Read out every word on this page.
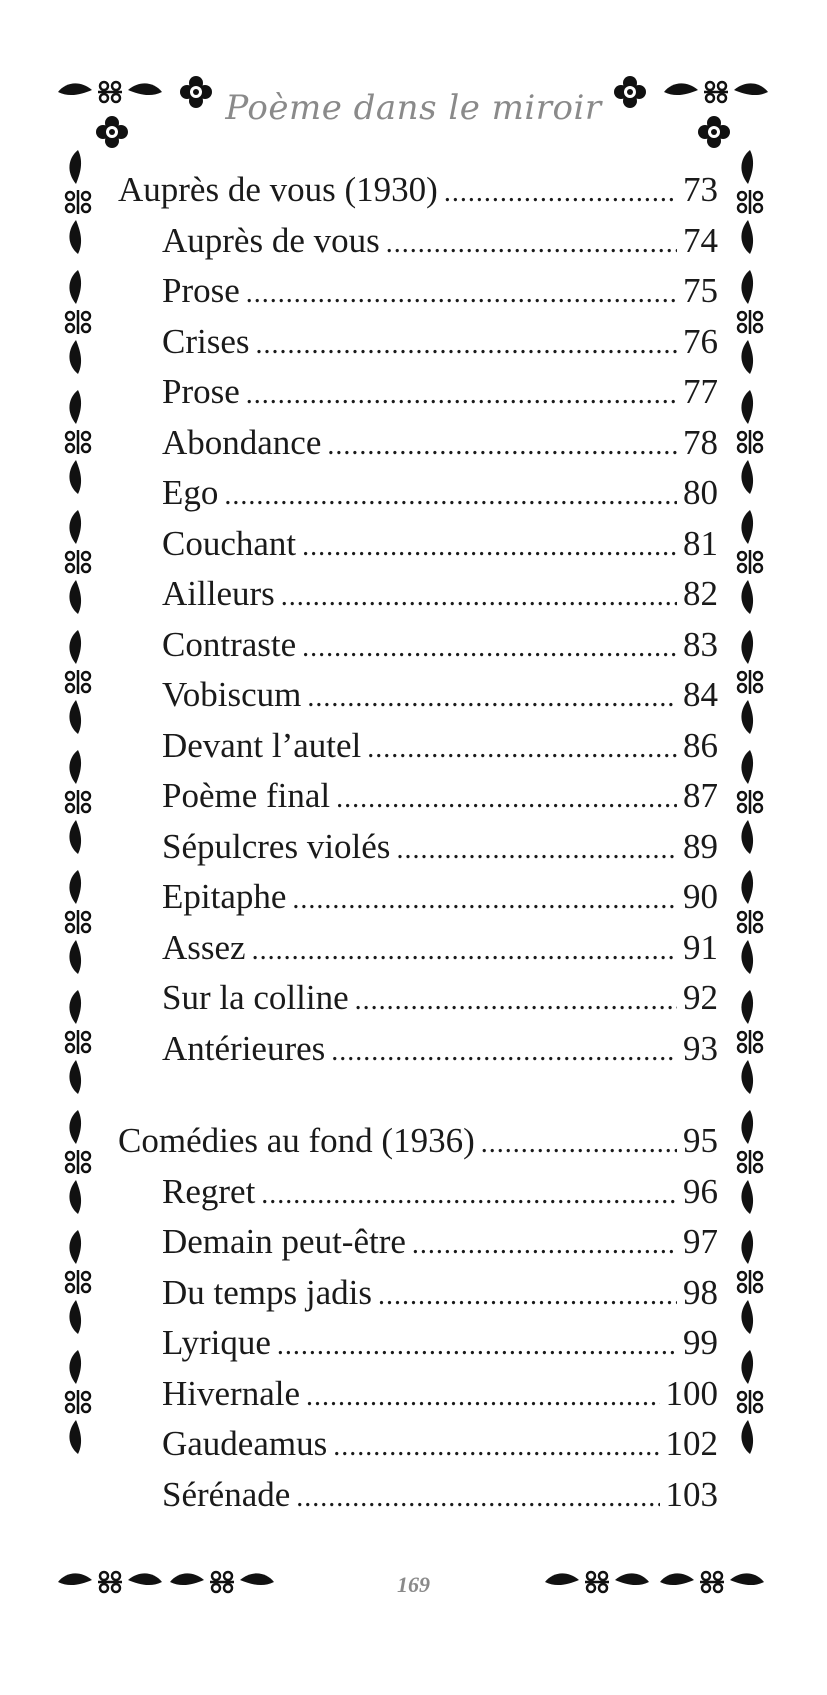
Poème dans le miroir
Auprès de vous (1930) .....	73
Auprès de vous .....	74
Prose .....	75
Crises .....	76
Prose .....	77
Abondance .....	78
Ego .....	80
Couchant .....	81
Ailleurs .....	82
Contraste .....	83
Vobiscum .....	84
Devant l’autel .....	86
Poème final .....	87
Sépulcres violés .....	89
Epitaphe .....	90
Assez .....	91
Sur la colline .....	92
Antérieures .....	93
Comédies au fond (1936) .....	95
Regret .....	96
Demain peut-être .....	97
Du temps jadis .....	98
Lyrique .....	99
Hivernale .....	100
Gaudeamus .....	102
Sérénade .....	103
169
